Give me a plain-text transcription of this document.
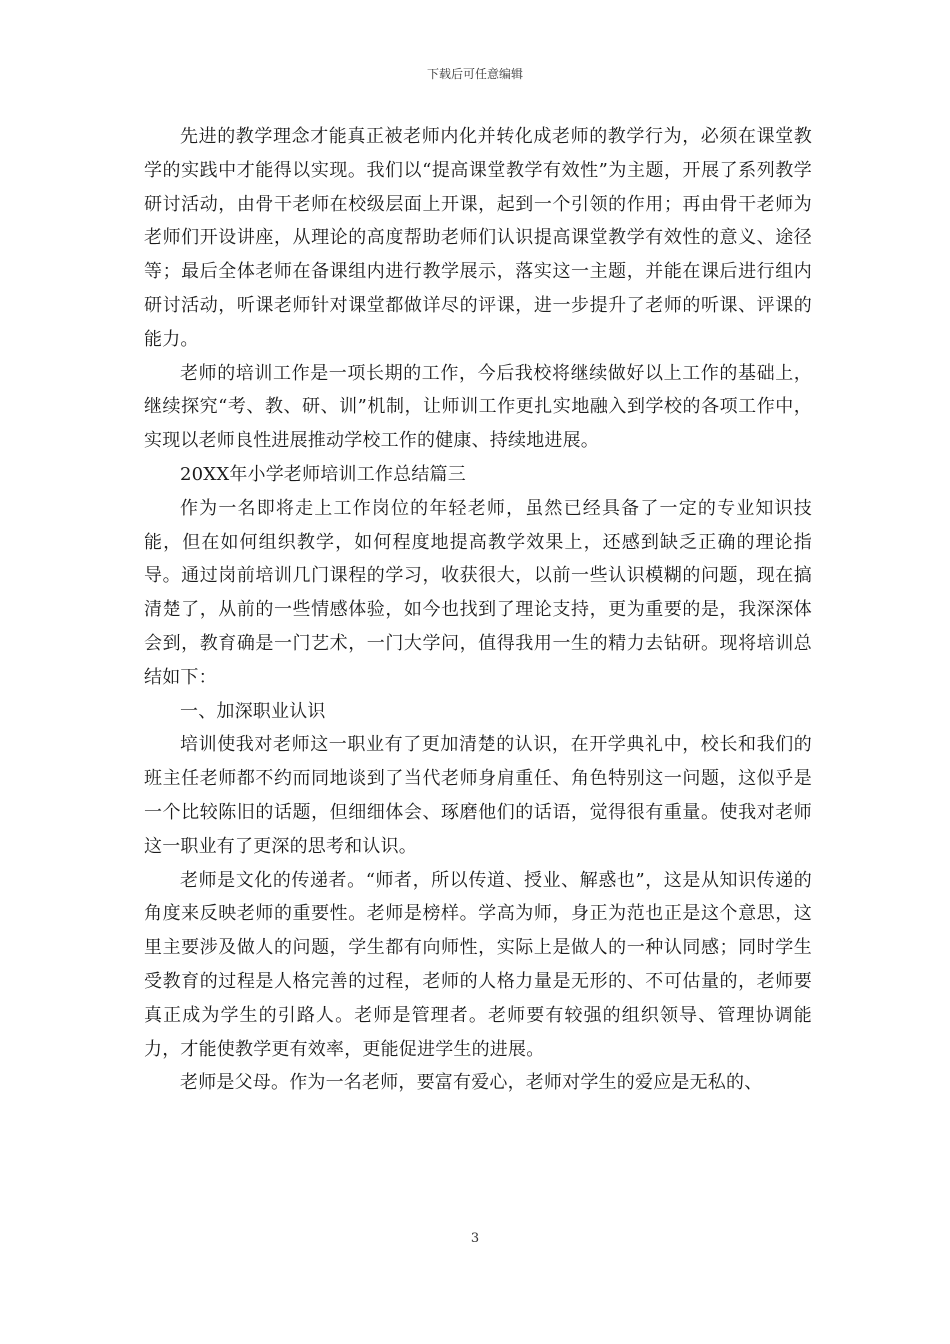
下载后可任意编辑

先进的教学理念才能真正被老师内化并转化成老师的教学行为，必须在课堂教学的实践中才能得以实现。我们以“提高课堂教学有效性”为主题，开展了系列教学研讨活动，由骨干老师在校级层面上开课，起到一个引领的作用；再由骨干老师为老师们开设讲座，从理论的高度帮助老师们认识提高课堂教学有效性的意义、途径等；最后全体老师在备课组内进行教学展示，落实这一主题，并能在课后进行组内研讨活动，听课老师针对课堂都做详尽的评课，进一步提升了老师的听课、评课的能力。

老师的培训工作是一项长期的工作，今后我校将继续做好以上工作的基础上，继续探究“考、教、研、训”机制，让师训工作更扎实地融入到学校的各项工作中，实现以老师良性进展推动学校工作的健康、持续地进展。

20XX年小学老师培训工作总结篇三

作为一名即将走上工作岗位的年轻老师，虽然已经具备了一定的专业知识技能，但在如何组织教学，如何程度地提高教学效果上，还感到缺乏正确的理论指导。通过岗前培训几门课程的学习，收获很大，以前一些认识模糊的问题，现在搞清楚了，从前的一些情感体验，如今也找到了理论支持，更为重要的是，我深深体会到，教育确是一门艺术，一门大学问，值得我用一生的精力去钻研。现将培训总结如下：

一、加深职业认识

培训使我对老师这一职业有了更加清楚的认识，在开学典礼中，校长和我们的班主任老师都不约而同地谈到了当代老师身肩重任、角色特别这一问题，这似乎是一个比较陈旧的话题，但细细体会、琢磨他们的话语，觉得很有重量。使我对老师这一职业有了更深的思考和认识。

老师是文化的传递者。“师者，所以传道、授业、解惑也”，这是从知识传递的角度来反映老师的重要性。老师是榜样。学高为师，身正为范也正是这个意思，这里主要涉及做人的问题，学生都有向师性，实际上是做人的一种认同感；同时学生受教育的过程是人格完善的过程，老师的人格力量是无形的、不可估量的，老师要真正成为学生的引路人。老师是管理者。老师要有较强的组织领导、管理协调能力，才能使教学更有效率，更能促进学生的进展。

老师是父母。作为一名老师，要富有爱心，老师对学生的爱应是无私的、

3
